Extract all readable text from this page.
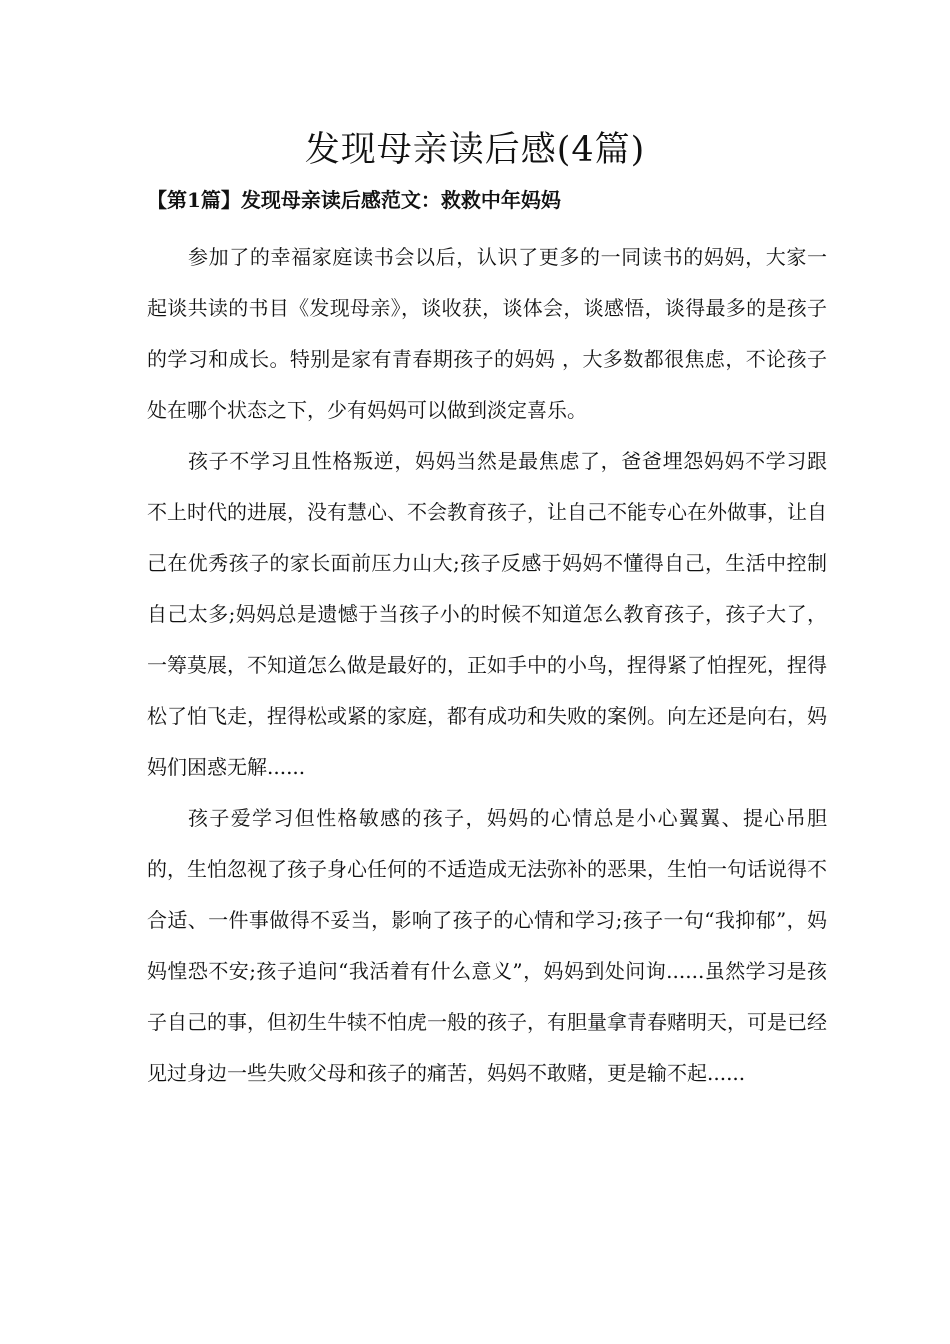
发现母亲读后感(4篇)
【第1篇】发现母亲读后感范文：救救中年妈妈

参加了的幸福家庭读书会以后，认识了更多的一同读书的妈妈，大家一起谈共读的书目《发现母亲》，谈收获，谈体会，谈感悟，谈得最多的是孩子的学习和成长。特别是家有青春期孩子的妈妈 ，大多数都很焦虑，不论孩子处在哪个状态之下，少有妈妈可以做到淡定喜乐。

孩子不学习且性格叛逆，妈妈当然是最焦虑了，爸爸埋怨妈妈不学习跟不上时代的进展，没有慧心、不会教育孩子，让自己不能专心在外做事，让自己在优秀孩子的家长面前压力山大;孩子反感于妈妈不懂得自己，生活中控制自己太多;妈妈总是遗憾于当孩子小的时候不知道怎么教育孩子，孩子大了，一筹莫展，不知道怎么做是最好的，正如手中的小鸟，捏得紧了怕捏死，捏得松了怕飞走，捏得松或紧的家庭，都有成功和失败的案例。向左还是向右，妈妈们困惑无解......

孩子爱学习但性格敏感的孩子，妈妈的心情总是小心翼翼、提心吊胆的，生怕忽视了孩子身心任何的不适造成无法弥补的恶果，生怕一句话说得不合适、一件事做得不妥当，影响了孩子的心情和学习;孩子一句“我抑郁”，妈妈惶恐不安;孩子追问“我活着有什么意义”，妈妈到处问询......虽然学习是孩子自己的事，但初生牛犊不怕虎一般的孩子，有胆量拿青春赌明天，可是已经见过身边一些失败父母和孩子的痛苦，妈妈不敢赌，更是输不起......
